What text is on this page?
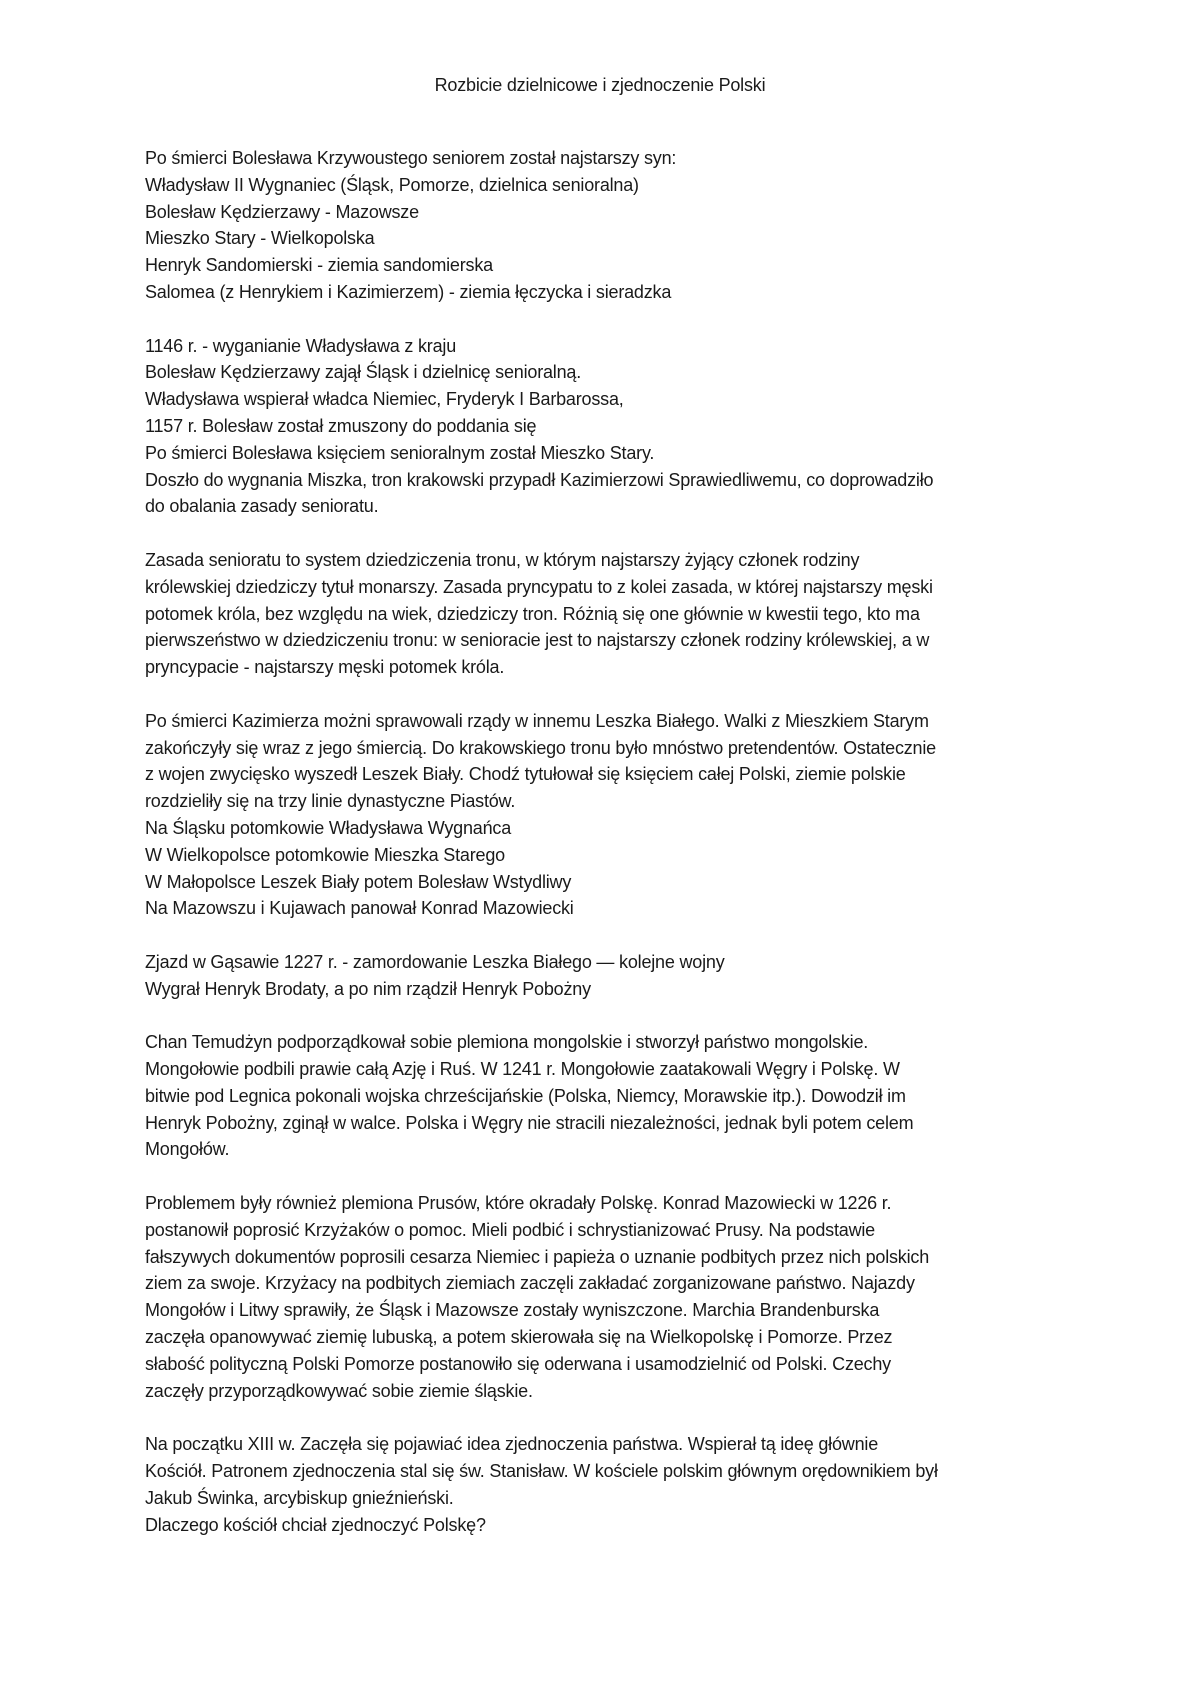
Rozbicie dzielnicowe i zjednoczenie Polski
Po śmierci Bolesława Krzywoustego seniorem został najstarszy syn:
Władysław II Wygnaniec (Śląsk, Pomorze, dzielnica senioralna)
Bolesław Kędzierzawy - Mazowsze
Mieszko Stary - Wielkopolska
Henryk Sandomierski - ziemia sandomierska
Salomea (z Henrykiem i Kazimierzem) - ziemia łęczycka i sieradzka
1146 r. - wyganianie Władysława z kraju
Bolesław Kędzierzawy zajął Śląsk i dzielnicę senioralną.
Władysława wspierał władca Niemiec, Fryderyk I Barbarossa,
1157 r. Bolesław został zmuszony do poddania się
Po śmierci Bolesława księciem senioralnym został Mieszko Stary.
Doszło do wygnania Miszka, tron krakowski przypadł Kazimierzowi Sprawiedliwemu, co doprowadziło
do obalania zasady senioratu.
Zasada senioratu to system dziedziczenia tronu, w którym najstarszy żyjący członek rodziny
królewskiej dziedziczy tytuł monarszy. Zasada pryncypatu to z kolei zasada, w której najstarszy męski
potomek króla, bez względu na wiek, dziedziczy tron. Różnią się one głównie w kwestii tego, kto ma
pierwszeństwo w dziedziczeniu tronu: w senioracie jest to najstarszy członek rodziny królewskiej, a w
pryncypacie - najstarszy męski potomek króla.
Po śmierci Kazimierza możni sprawowali rządy w innemu Leszka Białego. Walki z Mieszkiem Starym
zakończyły się wraz z jego śmiercią. Do krakowskiego tronu było mnóstwo pretendentów. Ostatecznie
z wojen zwycięsko wyszedł Leszek Biały. Chodź tytułował się księciem całej Polski, ziemie polskie
rozdzieliły się na trzy linie dynastyczne Piastów.
Na Śląsku potomkowie Władysława Wygnańca
W Wielkopolsce potomkowie Mieszka Starego
W Małopolsce Leszek Biały potem Bolesław Wstydliwy
Na Mazowszu i Kujawach panował Konrad Mazowiecki
Zjazd w Gąsawie 1227 r. - zamordowanie Leszka Białego — kolejne wojny
Wygrał Henryk Brodaty, a po nim rządził Henryk Pobożny
Chan Temudżyn podporządkował sobie plemiona mongolskie i stworzył państwo mongolskie.
Mongołowie podbili prawie całą Azję i Ruś. W 1241 r. Mongołowie zaatakowali Węgry i Polskę. W
bitwie pod Legnica pokonali wojska chrześcijańskie (Polska, Niemcy, Morawskie itp.). Dowodził im
Henryk Pobożny, zginął w walce. Polska i Węgry nie stracili niezależności, jednak byli potem celem
Mongołów.
Problemem były również plemiona Prusów, które okradały Polskę. Konrad Mazowiecki w 1226 r.
postanowił poprosić Krzyżaków o pomoc. Mieli podbić i schrystianizować Prusy. Na podstawie
fałszywych dokumentów poprosili cesarza Niemiec i papieża o uznanie podbitych przez nich polskich
ziem za swoje. Krzyżacy na podbitych ziemiach zaczęli zakładać zorganizowane państwo. Najazdy
Mongołów i Litwy sprawiły, że Śląsk i Mazowsze zostały wyniszczone. Marchia Brandenburska
zaczęła opanowywać ziemię lubuską, a potem skierowała się na Wielkopolskę i Pomorze. Przez
słabość polityczną Polski Pomorze postanowiło się oderwana i usamodzielnić od Polski. Czechy
zaczęły przyporządkowywać sobie ziemie śląskie.
Na początku XIII w. Zaczęła się pojawiać idea zjednoczenia państwa. Wspierał tą ideę głównie
Kościół. Patronem zjednoczenia stal się św. Stanisław. W kościele polskim głównym orędownikiem był
Jakub Świnka, arcybiskup gnieźnieński.
Dlaczego kościół chciał zjednoczyć Polskę?
